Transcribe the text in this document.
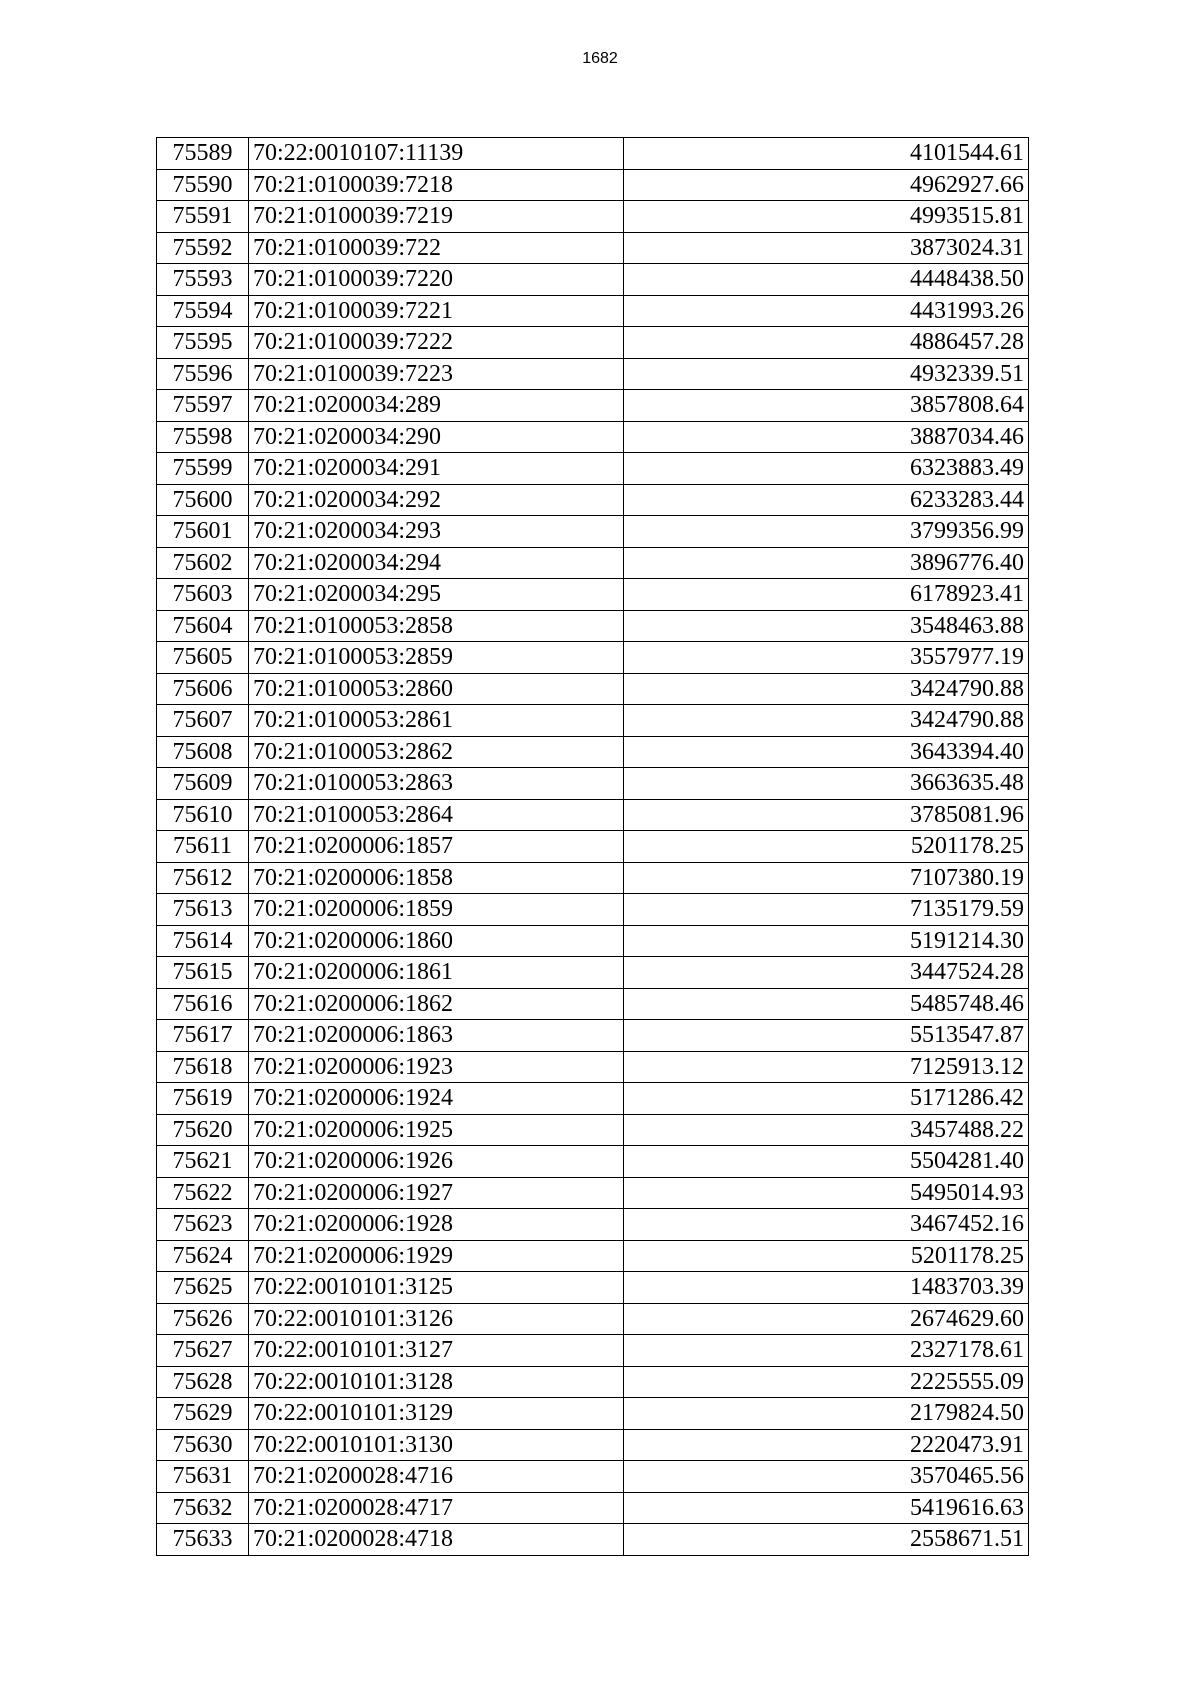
1682
75589	70:22:0010107:11139	4101544.61
75590	70:21:0100039:7218	4962927.66
75591	70:21:0100039:7219	4993515.81
75592	70:21:0100039:722	3873024.31
75593	70:21:0100039:7220	4448438.50
75594	70:21:0100039:7221	4431993.26
75595	70:21:0100039:7222	4886457.28
75596	70:21:0100039:7223	4932339.51
75597	70:21:0200034:289	3857808.64
75598	70:21:0200034:290	3887034.46
75599	70:21:0200034:291	6323883.49
75600	70:21:0200034:292	6233283.44
75601	70:21:0200034:293	3799356.99
75602	70:21:0200034:294	3896776.40
75603	70:21:0200034:295	6178923.41
75604	70:21:0100053:2858	3548463.88
75605	70:21:0100053:2859	3557977.19
75606	70:21:0100053:2860	3424790.88
75607	70:21:0100053:2861	3424790.88
75608	70:21:0100053:2862	3643394.40
75609	70:21:0100053:2863	3663635.48
75610	70:21:0100053:2864	3785081.96
75611	70:21:0200006:1857	5201178.25
75612	70:21:0200006:1858	7107380.19
75613	70:21:0200006:1859	7135179.59
75614	70:21:0200006:1860	5191214.30
75615	70:21:0200006:1861	3447524.28
75616	70:21:0200006:1862	5485748.46
75617	70:21:0200006:1863	5513547.87
75618	70:21:0200006:1923	7125913.12
75619	70:21:0200006:1924	5171286.42
75620	70:21:0200006:1925	3457488.22
75621	70:21:0200006:1926	5504281.40
75622	70:21:0200006:1927	5495014.93
75623	70:21:0200006:1928	3467452.16
75624	70:21:0200006:1929	5201178.25
75625	70:22:0010101:3125	1483703.39
75626	70:22:0010101:3126	2674629.60
75627	70:22:0010101:3127	2327178.61
75628	70:22:0010101:3128	2225555.09
75629	70:22:0010101:3129	2179824.50
75630	70:22:0010101:3130	2220473.91
75631	70:21:0200028:4716	3570465.56
75632	70:21:0200028:4717	5419616.63
75633	70:21:0200028:4718	2558671.51
